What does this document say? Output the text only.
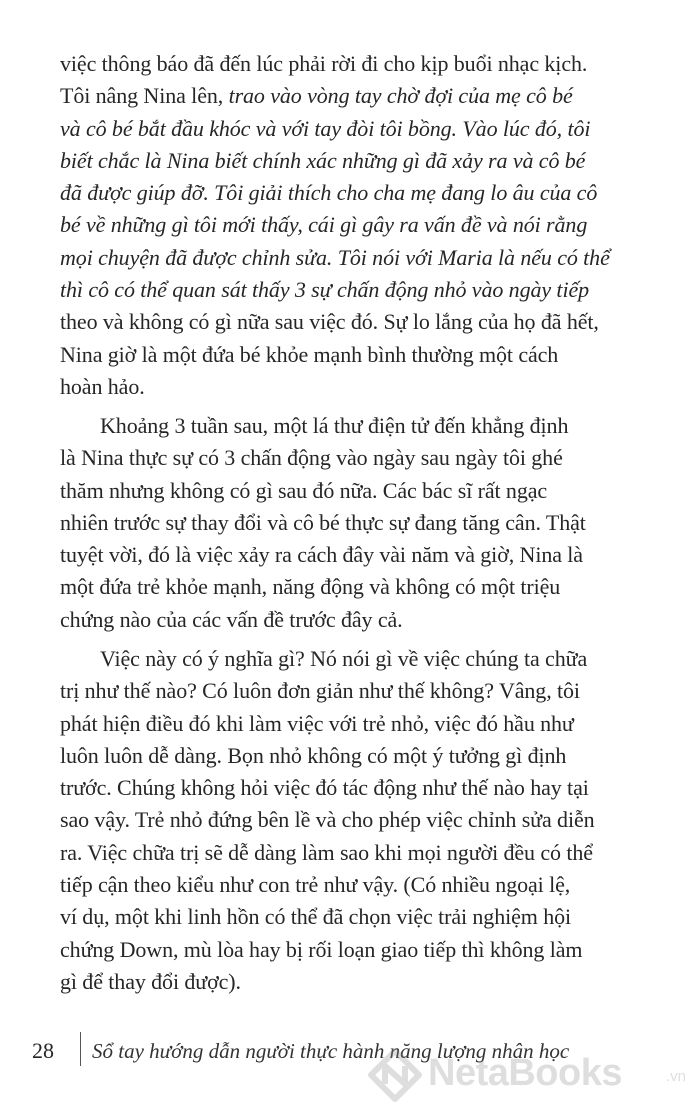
việc thông báo đã đến lúc phải rời đi cho kịp buổi nhạc kịch.
Tôi nâng Nina lên, trao vào vòng tay chờ đợi của mẹ cô bé
và cô bé bắt đầu khóc và với tay đòi tôi bồng. Vào lúc đó, tôi
biết chắc là Nina biết chính xác những gì đã xảy ra và cô bé
đã được giúp đỡ. Tôi giải thích cho cha mẹ đang lo âu của cô
bé về những gì tôi mới thấy, cái gì gây ra vấn đề và nói rằng
mọi chuyện đã được chỉnh sửa. Tôi nói với Maria là nếu có thể
thì cô có thể quan sát thấy 3 sự chấn động nhỏ vào ngày tiếp
theo và không có gì nữa sau việc đó. Sự lo lắng của họ đã hết,
Nina giờ là một đứa bé khỏe mạnh bình thường một cách
hoàn hảo.

Khoảng 3 tuần sau, một lá thư điện tử đến khẳng định
là Nina thực sự có 3 chấn động vào ngày sau ngày tôi ghé
thăm nhưng không có gì sau đó nữa. Các bác sĩ rất ngạc
nhiên trước sự thay đổi và cô bé thực sự đang tăng cân. Thật
tuyệt vời, đó là việc xảy ra cách đây vài năm và giờ, Nina là
một đứa trẻ khỏe mạnh, năng động và không có một triệu
chứng nào của các vấn đề trước đây cả.

Việc này có ý nghĩa gì? Nó nói gì về việc chúng ta chữa
trị như thế nào? Có luôn đơn giản như thế không? Vâng, tôi
phát hiện điều đó khi làm việc với trẻ nhỏ, việc đó hầu như
luôn luôn dễ dàng. Bọn nhỏ không có một ý tưởng gì định
trước. Chúng không hỏi việc đó tác động như thế nào hay tại
sao vậy. Trẻ nhỏ đứng bên lề và cho phép việc chỉnh sửa diễn
ra. Việc chữa trị sẽ dễ dàng làm sao khi mọi người đều có thể
tiếp cận theo kiểu như con trẻ như vậy. (Có nhiều ngoại lệ,
ví dụ, một khi linh hồn có thể đã chọn việc trải nghiệm hội
chứng Down, mù lòa hay bị rối loạn giao tiếp thì không làm
gì để thay đổi được).

28 Sổ tay hướng dẫn người thực hành năng lượng nhân học
NetaBooks	.vn
